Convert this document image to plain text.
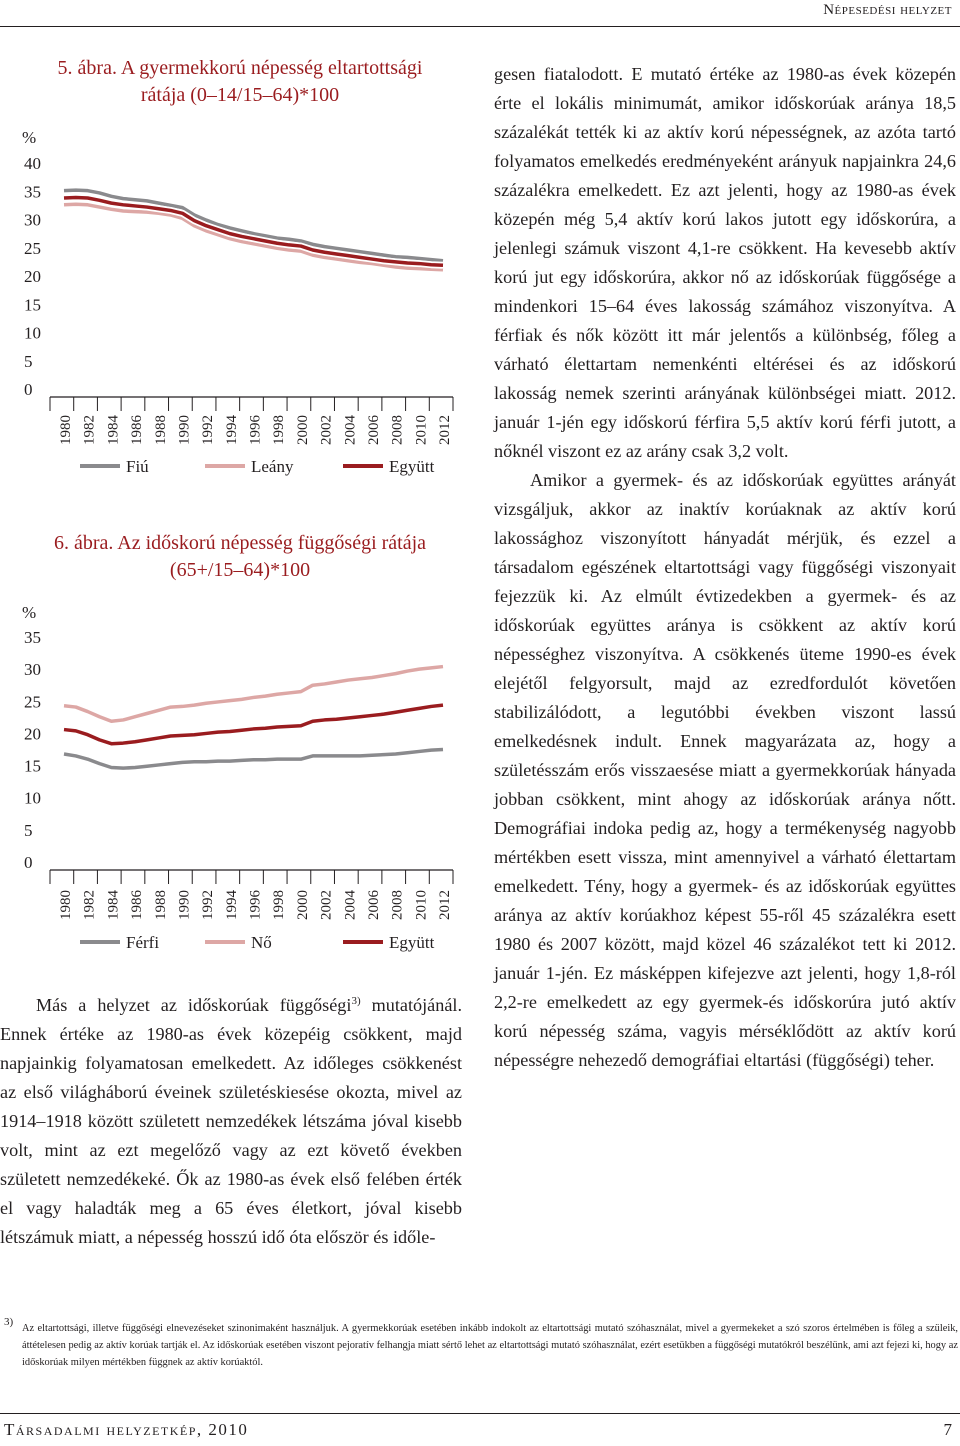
Népesedési helyzet
5. ábra. A gyermekkorú népesség eltartottsági
rátája (0–14/15–64)*100
%
0
5
10
15
20
25
30
35
40
1980 1982 1984 1986 1988 1990 1992 1994 1996 1998 2000 2002 2004 2006 2008 2010 2012
Fiú	Leány	Együtt
6. ábra. Az időskorú népesség függőségi rátája
(65+/15–64)*100
%
0
5
10
15
20
25
30
35
1980 1982 1984 1986 1988 1990 1992 1994 1996 1998 2000 2002 2004 2006 2008 2010 2012
Férfi	Nő	Együtt

Más a helyzet az időskorúak függőségi$^{3)}$ mutatójánál. Ennek értéke az 1980-as évek közepéig csökkent, majd napjainkig folyamatosan emelkedett. Az időleges csökkenést az első világháború éveinek születéskiesése okozta, mivel az 1914–1918 között született nemzedékek létszáma jóval kisebb volt, mint az ezt megelőző vagy az ezt követő években született nemzedékeké. Ők az 1980-as évek első felében érték el vagy haladták meg a 65 éves életkort, jóval kisebb létszámuk miatt, a népesség hosszú idő óta először és időle-

gesen fiatalodott. E mutató értéke az 1980-as évek közepén érte el lokális minimumát, amikor időskorúak aránya 18,5 százalékát tették ki az aktív korú népességnek, az azóta tartó folyamatos emelkedés eredményeként arányuk napjainkra 24,6 százalékra emelkedett. Ez azt jelenti, hogy az 1980-as évek közepén még 5,4 aktív korú lakos jutott egy időskorúra, a jelenlegi számuk viszont 4,1-re csökkent. Ha kevesebb aktív korú jut egy időskorúra, akkor nő az időskorúak függősége a mindenkori 15–64 éves lakosság számához viszonyítva. A férfiak és nők között itt már jelentős a különbség, főleg a várható élettartam nemenkénti eltérései és az időskorú lakosság nemek szerinti arányának különbségei miatt. 2012. január 1-jén egy időskorú férfira 5,5 aktív korú férfi jutott, a nőknél viszont ez az arány csak 3,2 volt.

Amikor a gyermek- és az időskorúak együttes arányát vizsgáljuk, akkor az inaktív korúaknak az aktív korú lakossághoz viszonyított hányadát mérjük, és ezzel a társadalom egészének eltartottsági vagy függőségi viszonyait fejezzük ki. Az elmúlt évtizedekben a gyermek- és az időskorúak együttes aránya is csökkent az aktív korú népességhez viszonyítva. A csökkenés üteme 1990-es évek elejétől felgyorsult, majd az ezredfordulót követően stabilizálódott, a legutóbbi években viszont lassú emelkedésnek indult. Ennek magyarázata az, hogy a születésszám erős visszaesése miatt a gyermekkorúak hányada jobban csökkent, mint ahogy az időskorúak aránya nőtt. Demográfiai indoka pedig az, hogy a termékenység nagyobb mértékben esett vissza, mint amennyivel a várható élettartam emelkedett. Tény, hogy a gyermek- és az időskorúak együttes aránya az aktív korúakhoz képest 55-ről 45 százalékra esett 1980 és 2007 között, majd közel 46 százalékot tett ki 2012. január 1-jén. Ez másképpen kifejezve azt jelenti, hogy 1,8-ról 2,2-re emelkedett az egy gyermek-és időskorúra jutó aktív korú népesség száma, vagyis mérséklődött az aktív korú népességre nehezedő demográfiai eltartási (függőségi) teher.

3)
Az eltartottsági, illetve függőségi elnevezéseket szinonimaként használjuk. A gyermekkorúak esetében inkább indokolt az eltartottsági mutató szóhasználat, mivel a gyermekeket a szó szoros értelmében is főleg a szüleik, áttételesen pedig az aktív korúak tartják el. Az időskorúak esetében viszont pejoratív felhangja miatt sértő lehet az eltartottsági mutató szóhasználat, ezért esetükben a függőségi mutatókról beszélünk, ami azt fejezi ki, hogy az időskorúak milyen mértékben függnek az aktív korúaktól.
Társadalmi helyzetkép, 2010	7
